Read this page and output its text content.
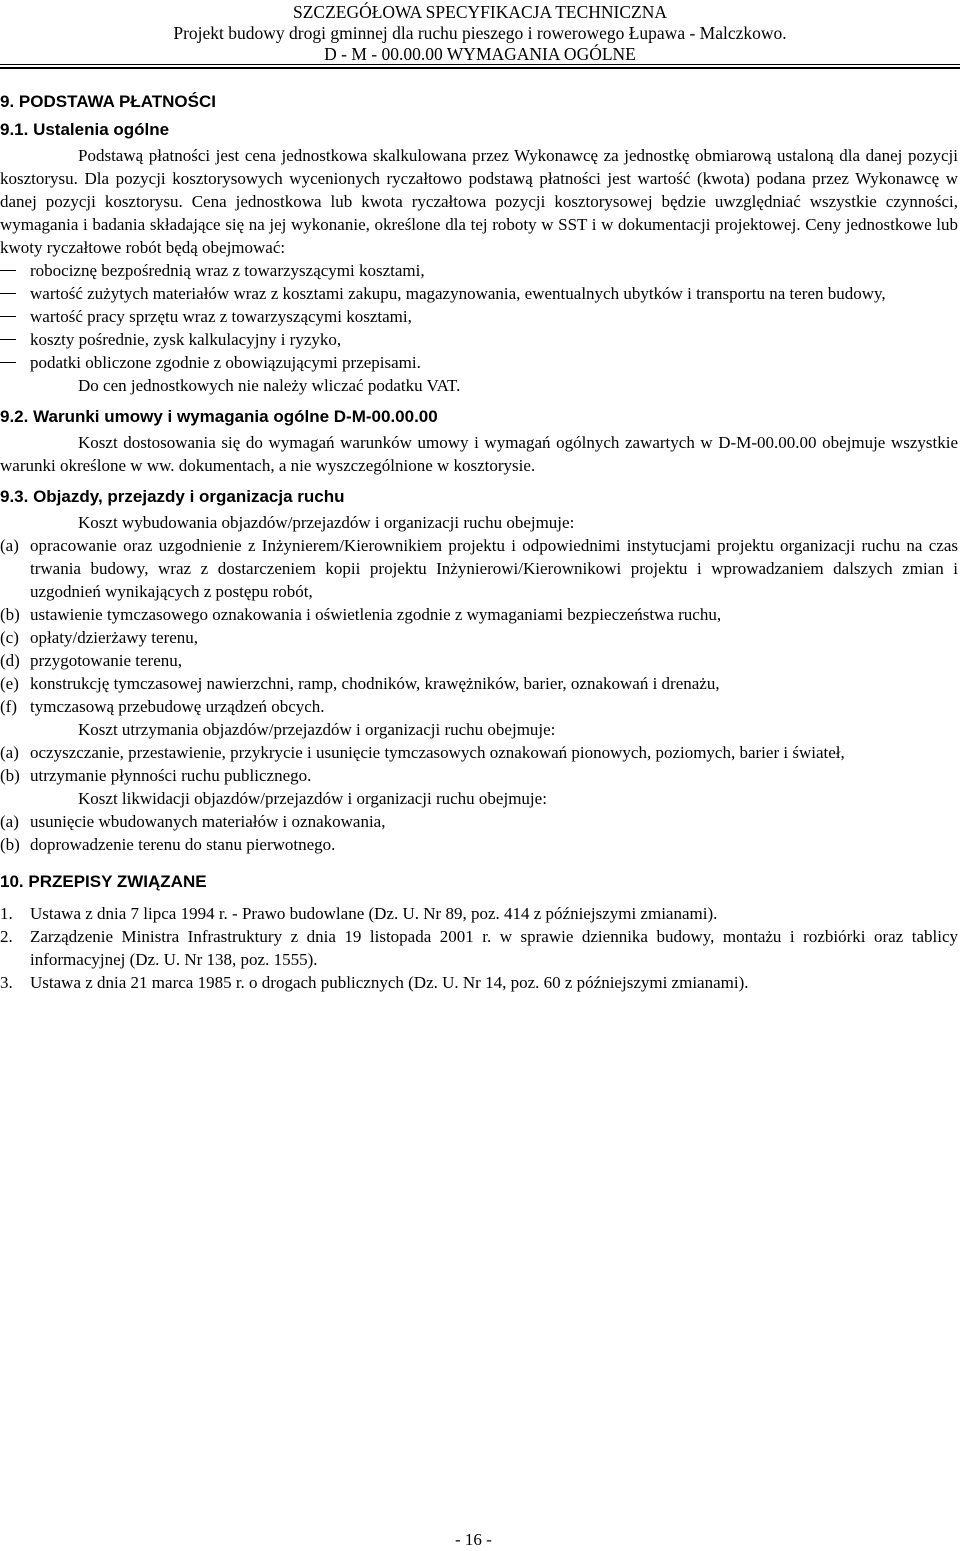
SZCZEGÓŁOWA SPECYFIKACJA TECHNICZNA
Projekt budowy drogi gminnej dla ruchu pieszego i rowerowego Łupawa - Malczkowo.
D - M - 00.00.00 WYMAGANIA OGÓLNE

9. PODSTAWA PŁATNOŚCI

9.1. Ustalenia ogólne

Podstawą płatności jest cena jednostkowa skalkulowana przez Wykonawcę za jednostkę obmiarową ustaloną dla danej pozycji kosztorysu. Dla pozycji kosztorysowych wycenionych ryczałtowo podstawą płatności jest wartość (kwota) podana przez Wykonawcę w danej pozycji kosztorysu. Cena jednostkowa lub kwota ryczałtowa pozycji kosztorysowej będzie uwzględniać wszystkie czynności, wymagania i badania składające się na jej wykonanie, określone dla tej roboty w SST i w dokumentacji projektowej. Ceny jednostkowe lub kwoty ryczałtowe robót będą obejmować:

robociznę bezpośrednią wraz z towarzyszącymi kosztami,
wartość zużytych materiałów wraz z kosztami zakupu, magazynowania, ewentualnych ubytków i transportu na teren budowy,
wartość pracy sprzętu wraz z towarzyszącymi kosztami,
koszty pośrednie, zysk kalkulacyjny i ryzyko,
podatki obliczone zgodnie z obowiązującymi przepisami.

Do cen jednostkowych nie należy wliczać podatku VAT.

9.2. Warunki umowy i wymagania ogólne D-M-00.00.00

Koszt dostosowania się do wymagań warunków umowy i wymagań ogólnych zawartych w D-M-00.00.00 obejmuje wszystkie warunki określone w ww. dokumentach, a nie wyszczególnione w kosztorysie.

9.3. Objazdy, przejazdy i organizacja ruchu

Koszt wybudowania objazdów/przejazdów i organizacji ruchu obejmuje:

(a) opracowanie oraz uzgodnienie z Inżynierem/Kierownikiem projektu i odpowiednimi instytucjami projektu organizacji ruchu na czas trwania budowy, wraz z dostarczeniem kopii projektu Inżynierowi/Kierownikowi projektu i wprowadzaniem dalszych zmian i uzgodnień wynikających z postępu robót,
(b) ustawienie tymczasowego oznakowania i oświetlenia zgodnie z wymaganiami bezpieczeństwa ruchu,
(c) opłaty/dzierżawy terenu,
(d) przygotowanie terenu,
(e) konstrukcję tymczasowej nawierzchni, ramp, chodników, krawężników, barier, oznakowań i drenażu,
(f) tymczasową przebudowę urządzeń obcych.

Koszt utrzymania objazdów/przejazdów i organizacji ruchu obejmuje:

(a) oczyszczanie, przestawienie, przykrycie i usunięcie tymczasowych oznakowań pionowych, poziomych, barier i świateł,
(b) utrzymanie płynności ruchu publicznego.

Koszt likwidacji objazdów/przejazdów i organizacji ruchu obejmuje:

(a) usunięcie wbudowanych materiałów i oznakowania,
(b) doprowadzenie terenu do stanu pierwotnego.

10. PRZEPISY ZWIĄZANE

1. Ustawa z dnia 7 lipca 1994 r. - Prawo budowlane (Dz. U. Nr 89, poz. 414 z późniejszymi zmianami).
2. Zarządzenie Ministra Infrastruktury z dnia 19 listopada 2001 r. w sprawie dziennika budowy, montażu i rozbiórki oraz tablicy informacyjnej (Dz. U. Nr 138, poz. 1555).
3. Ustawa z dnia 21 marca 1985 r. o drogach publicznych (Dz. U. Nr 14, poz. 60 z późniejszymi zmianami).
- 16 -
